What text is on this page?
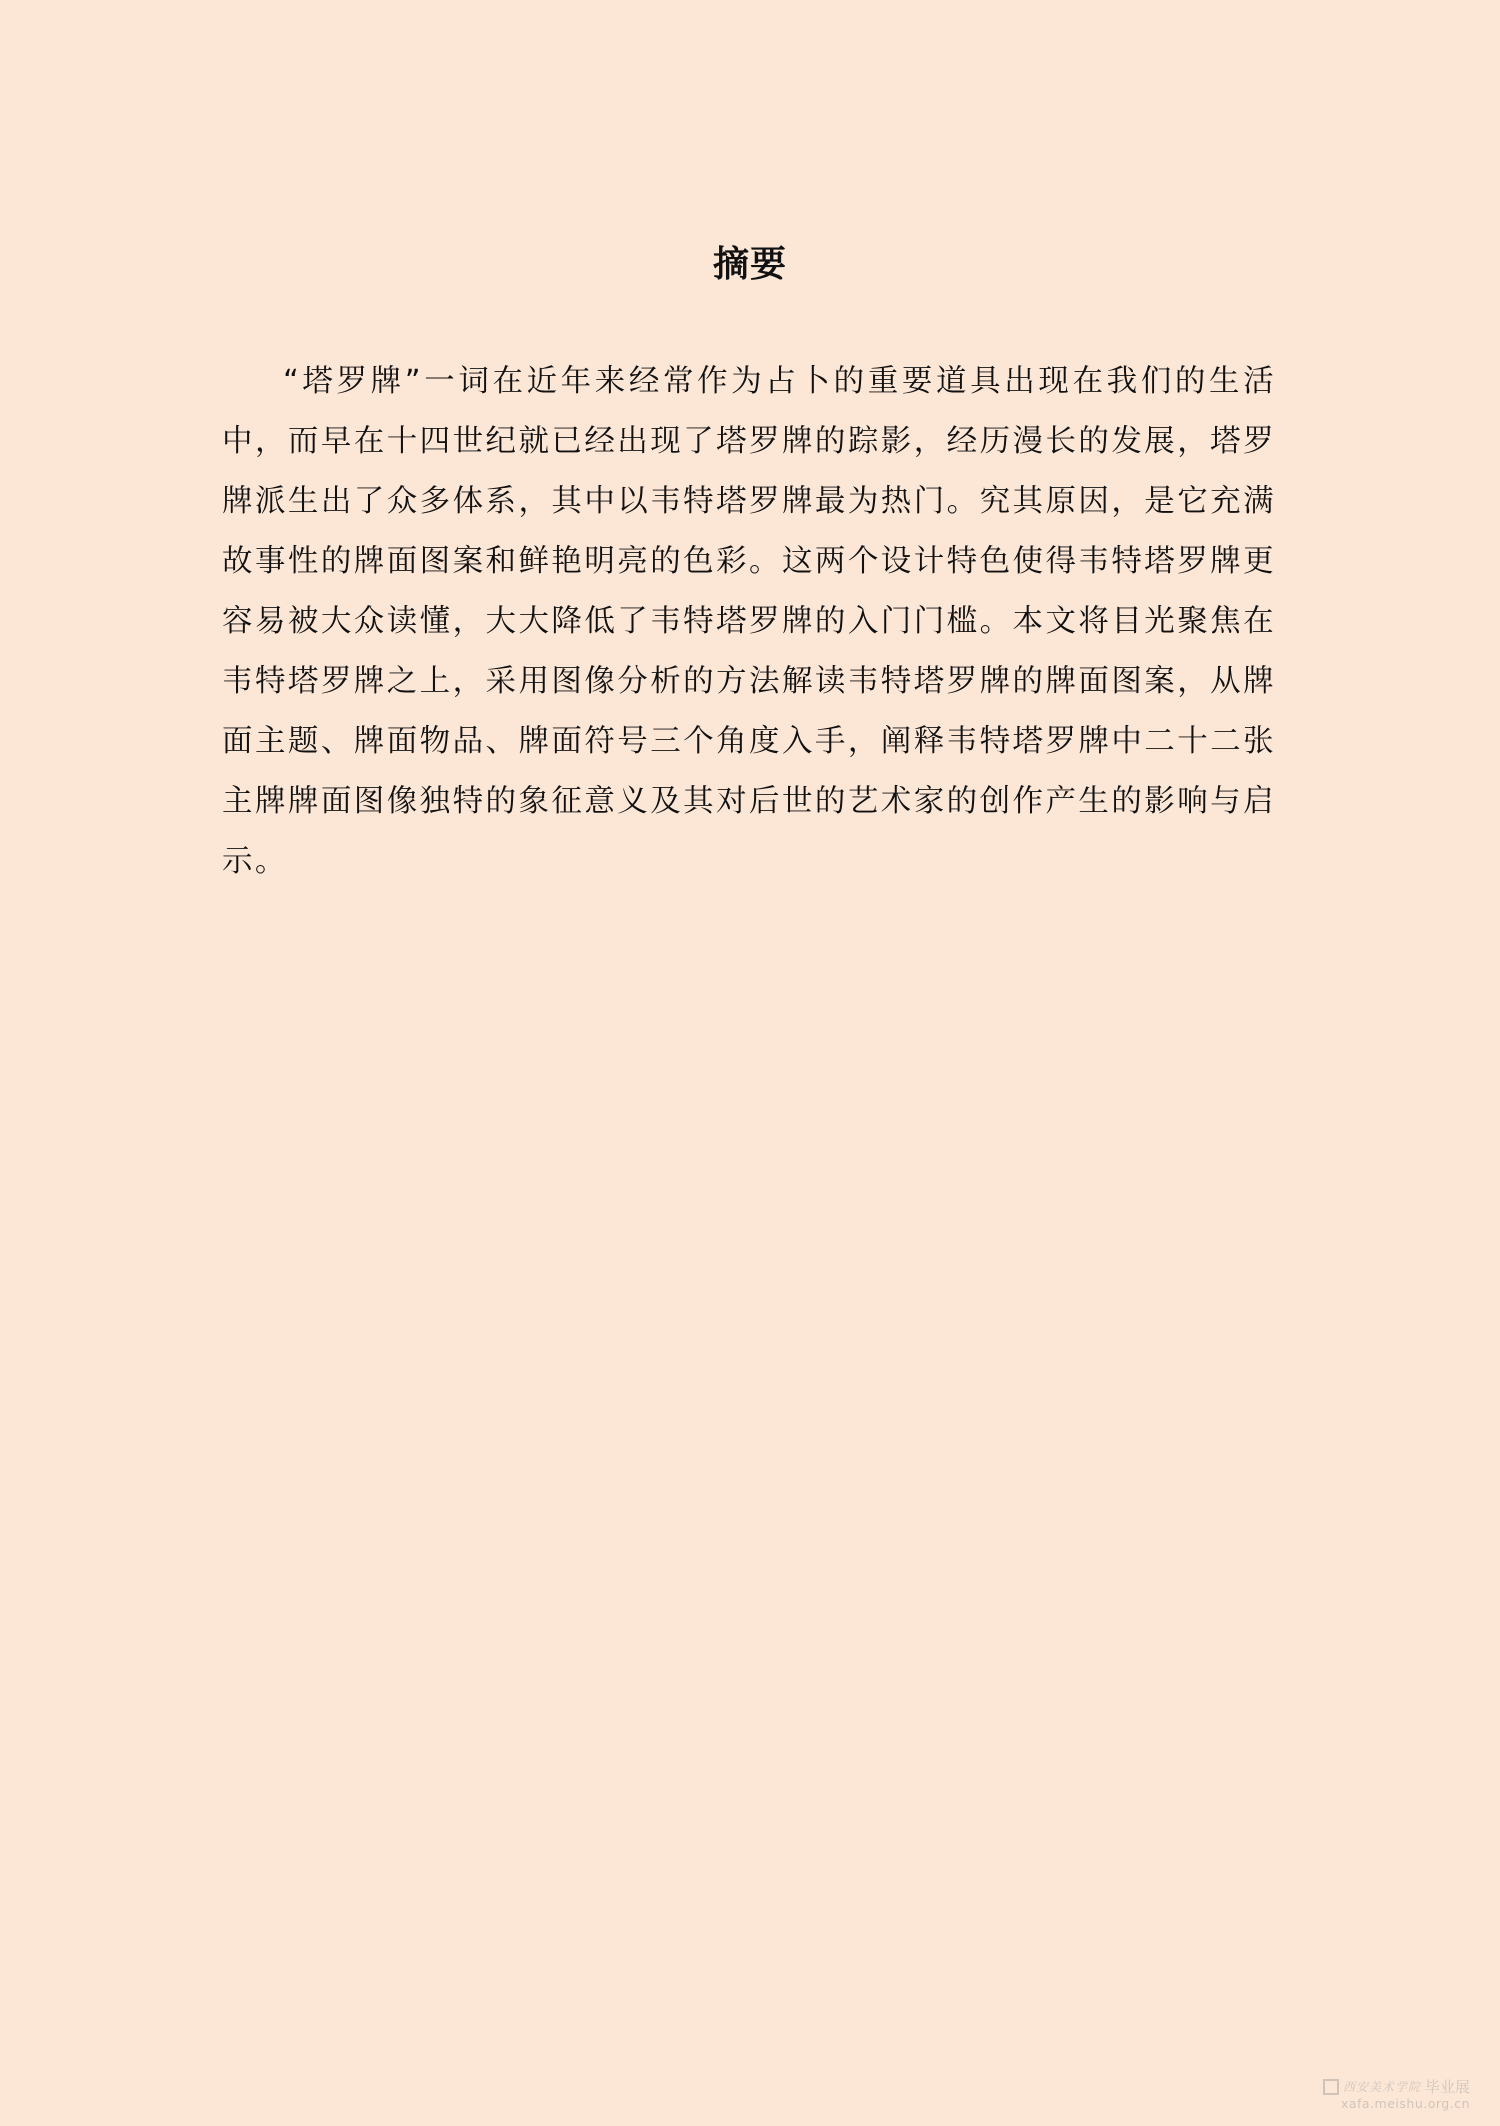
摘要

“塔罗牌”一词在近年来经常作为占卜的重要道具出现在我们的生活中，而早在十四世纪就已经出现了塔罗牌的踪影，经历漫长的发展，塔罗牌派生出了众多体系，其中以韦特塔罗牌最为热门。究其原因，是它充满故事性的牌面图案和鲜艳明亮的色彩。这两个设计特色使得韦特塔罗牌更容易被大众读懂，大大降低了韦特塔罗牌的入门门槛。本文将目光聚焦在韦特塔罗牌之上，采用图像分析的方法解读韦特塔罗牌的牌面图案，从牌面主题、牌面物品、牌面符号三个角度入手，阐释韦特塔罗牌中二十二张主牌牌面图像独特的象征意义及其对后世的艺术家的创作产生的影响与启示。

西安美术学院 毕业展
xafa.meishu.org.cn
